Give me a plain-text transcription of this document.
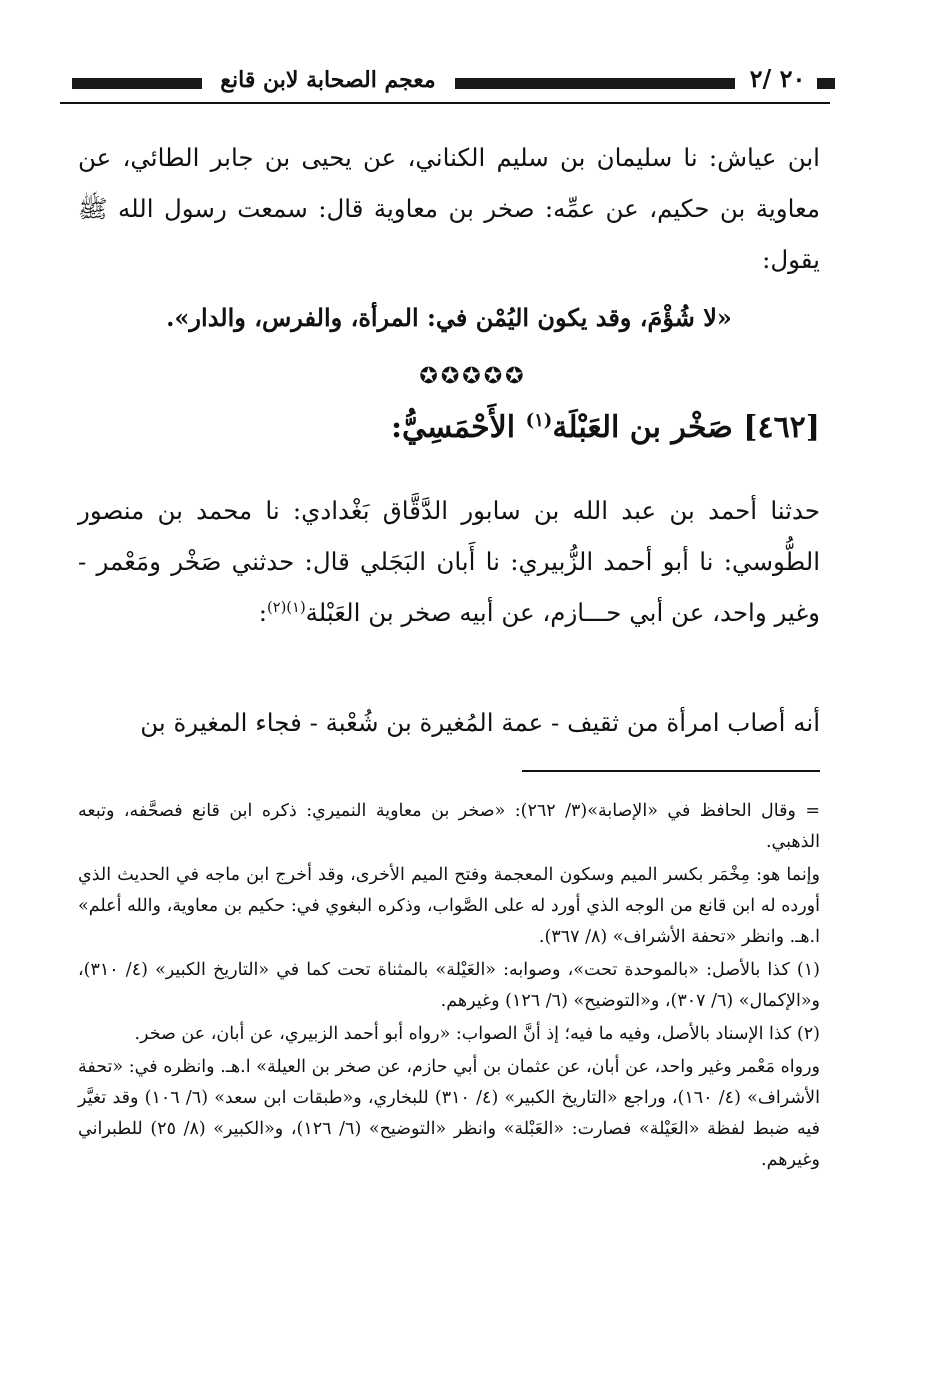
معجم الصحابة لابن قانع	٢٠ /٢
ابن عياش: نا سليمان بن سليم الكناني، عن يحيى بن جابر الطائي، عن معاوية بن حكيم، عن عمِّه: صخر بن معاوية قال: سمعت رسول الله ﷺ يقول:
«لا شُؤْمَ، وقد يكون اليُمْن في: المرأة، والفرس، والدار».
✪✪✪✪✪
[٤٦٢] صَخْر بن العَبْلَة$^{(١)}$ الأَحْمَسِيُّ:
حدثنا أحمد بن عبد الله بن سابور الدَّقَّاق بَغْدادي: نا محمد بن منصور الطُّوسي: نا أبو أحمد الزُّبيري: نا أَبان البَجَلي قال: حدثني صَخْر ومَعْمر - وغير واحد، عن أبي حـــازم، عن أبيه صخر بن العَبْلة$^{(١)(٢)}$:
أنه أصاب امرأة من ثقيف - عمة المُغيرة بن شُعْبة - فجاء المغيرة بن

= وقال الحافظ في «الإصابة»(٣/ ٢٦٢): «صخر بن معاوية النميري: ذكره ابن قانع فصحَّفه، وتبعه الذهبي.

وإنما هو: مِخْمَر بكسر الميم وسكون المعجمة وفتح الميم الأخرى، وقد أخرج ابن ماجه في الحديث الذي أورده له ابن قانع من الوجه الذي أورد له على الصَّواب، وذكره البغوي في: حكيم بن معاوية، والله أعلم» ا.هـ. وانظر «تحفة الأشراف» (٨/ ٣٦٧).

(١) كذا بالأصل: «بالموحدة تحت»، وصوابه: «العَيْلة» بالمثناة تحت كما في «التاريخ الكبير» (٤/ ٣١٠)، و«الإكمال» (٦/ ٣٠٧)، و«التوضيح» (٦/ ١٢٦) وغيرهم.

(٢) كذا الإسناد بالأصل، وفيه ما فيه؛ إذ أنَّ الصواب: «رواه أبو أحمد الزبيري، عن أبان، عن صخر.

ورواه مَعْمر وغير واحد، عن أبان، عن عثمان بن أبي حازم، عن صخر بن العيلة» ا.هـ. وانظره في: «تحفة الأشراف» (٤/ ١٦٠)، وراجع «التاريخ الكبير» (٤/ ٣١٠) للبخاري، و«طبقات ابن سعد» (٦/ ١٠٦) وقد تغيَّر فيه ضبط لفظة «العَيْلة» فصارت: «العَبْلة» وانظر «التوضيح» (٦/ ١٢٦)، و«الكبير» (٨/ ٢٥) للطبراني وغيرهم.
